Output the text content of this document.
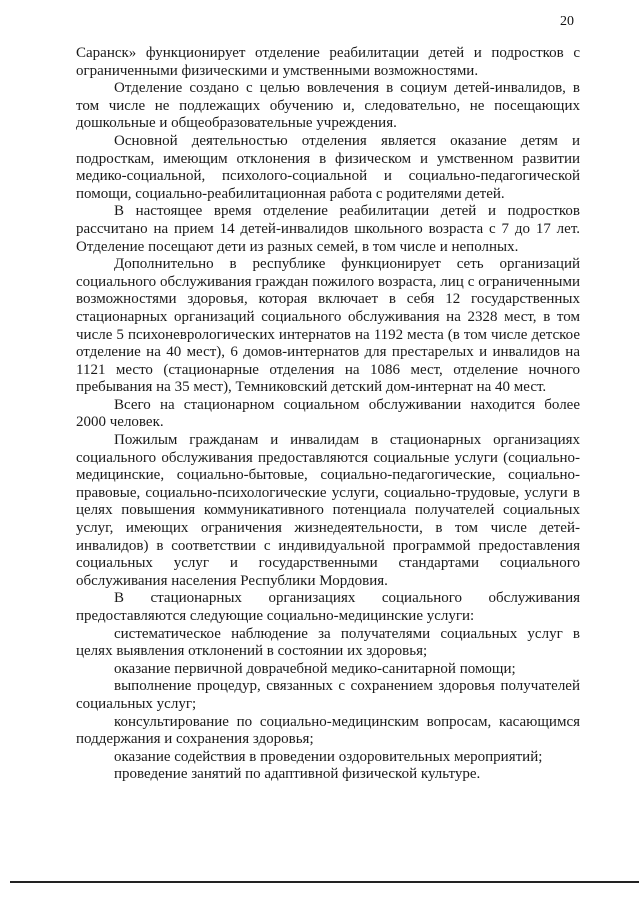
20

Саранск» функционирует отделение реабилитации детей и подростков с ограниченными физическими и умственными возможностями.

Отделение создано с целью вовлечения в социум детей-инвалидов, в том числе не подлежащих обучению и, следовательно, не посещающих дошкольные и общеобразовательные учреждения.

Основной деятельностью отделения является оказание детям и подросткам, имеющим отклонения в физическом и умственном развитии медико-социальной, психолого-социальной и социально-педагогической помощи, социально-реабилитационная работа с родителями детей.

В настоящее время отделение реабилитации детей и подростков рассчитано на прием 14 детей-инвалидов школьного возраста с 7 до 17 лет. Отделение посещают дети из разных семей, в том числе и неполных.

Дополнительно в республике функционирует сеть организаций социального обслуживания граждан пожилого возраста, лиц с ограниченными возможностями здоровья, которая включает в себя 12 государственных стационарных организаций социального обслуживания на 2328 мест, в том числе 5 психоневрологических интернатов на 1192 места (в том числе детское отделение на 40 мест), 6 домов-интернатов для престарелых и инвалидов на 1121 место (стационарные отделения на 1086 мест, отделение ночного пребывания на 35 мест), Темниковский детский дом-интернат на 40 мест.

Всего на стационарном социальном обслуживании находится более 2000 человек.

Пожилым гражданам и инвалидам в стационарных организациях социального обслуживания предоставляются социальные услуги (социально-медицинские, социально-бытовые, социально-педагогические, социально-правовые, социально-психологические услуги, социально-трудовые, услуги в целях повышения коммуникативного потенциала получателей социальных услуг, имеющих ограничения жизнедеятельности, в том числе детей-инвалидов) в соответствии с индивидуальной программой предоставления социальных услуг и государственными стандартами социального обслуживания населения Республики Мордовия.

В стационарных организациях социального обслуживания предоставляются следующие социально-медицинские услуги:

систематическое наблюдение за получателями социальных услуг в целях выявления отклонений в состоянии их здоровья;

оказание первичной доврачебной медико-санитарной помощи;

выполнение процедур, связанных с сохранением здоровья получателей социальных услуг;

консультирование по социально-медицинским вопросам, касающимся поддержания и сохранения здоровья;

оказание содействия в проведении оздоровительных мероприятий;

проведение занятий по адаптивной физической культуре.
